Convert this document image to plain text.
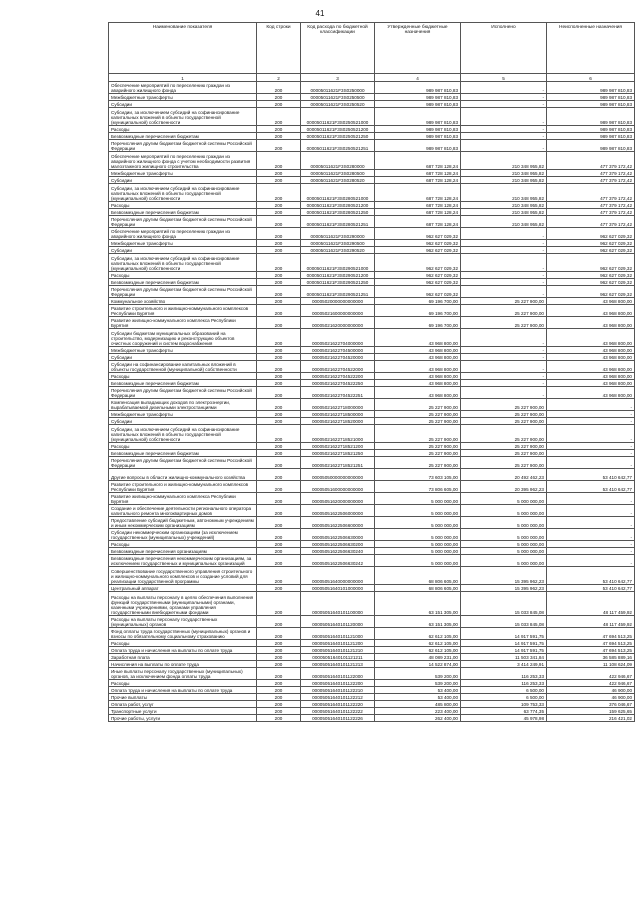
41
Наименование показателя	Код строки	Код расхода по бюджетной классификации	Утвержденные бюджетные назначения	Исполнено	Неисполненные назначения
1	2	3	4	5	6
Обеспечение мероприятий по переселению граждан из аварийного жилищного фонда	200	00005011621F3S0250000	989 987 810,83	-	989 987 810,83
Межбюджетные трансферты	200	00005011621F3S0250500	989 987 810,83	-	989 987 810,83
Субсидии	200	00005011621F3S0250520	989 987 810,83	-	989 987 810,83
Субсидии, за исключением субсидий на софинансирование капитальных вложений в объекты государственной (муниципальной) собственности	200	00005011621F3S0250521000	989 987 810,83	-	989 987 810,83
Расходы	200	00005011621F3S0250521200	989 987 810,83	-	989 987 810,83
Безвозмездные перечисления бюджетам	200	00005011621F3S0250521250	989 987 810,83	-	989 987 810,83
Перечисления другим бюджетам бюджетной системы Российской Федерации	200	00005011621F3S0250521251	989 987 810,83	-	989 987 810,83
Обеспечение мероприятий по переселению граждан из аварийного жилищного фонда с учетом необходимости развития малоэтажного жилищного строительства	200	00005011621F3S0280000	687 728 128,24	210 348 955,82	477 379 172,42
Межбюджетные трансферты	200	00005011621F3S0280500	687 728 128,24	210 348 955,82	477 379 172,42
Субсидии	200	00005011621F3S0280520	687 728 128,24	210 348 955,82	477 379 172,42
Субсидии, за исключением субсидий на софинансирование капитальных вложений в объекты государственной (муниципальной) собственности	200	00005011621F3S0280521000	687 728 128,24	210 348 955,82	477 379 172,42
Расходы	200	00005011621F3S0280521200	687 728 128,24	210 348 955,82	477 379 172,42
Безвозмездные перечисления бюджетам	200	00005011621F3S0280521250	687 728 128,24	210 348 955,82	477 379 172,42
Перечисления другим бюджетам бюджетной системы Российской Федерации	200	00005011621F3S0280521251	687 728 128,24	210 348 955,82	477 379 172,42
Обеспечение мероприятий по переселению граждан из аварийного жилищного фонда	200	00005011621F3S0290000	962 627 029,32	-	962 627 029,32
Межбюджетные трансферты	200	00005011621F3S0290500	962 627 029,32	-	962 627 029,32
Субсидии	200	00005011621F3S0290520	962 627 029,32	-	962 627 029,32
Субсидии, за исключением субсидий на софинансирование капитальных вложений в объекты государственной (муниципальной) собственности	200	00005011621F3S0290521000	962 627 029,32	-	962 627 029,32
Расходы	200	00005011621F3S0290521200	962 627 029,32	-	962 627 029,32
Безвозмездные перечисления бюджетам	200	00005011621F3S0290521250	962 627 029,32	-	962 627 029,32
Перечисления другим бюджетам бюджетной системы Российской Федерации	200	00005011621F3S0290521251	962 627 029,32	-	962 627 029,32
Коммунальное хозяйство	200	00005020000000000000	69 196 700,00	25 227 900,00	43 968 800,00
Развитие строительного и жилищно-коммунального комплексов Республики Бурятия	200	00005021600000000000	69 196 700,00	25 227 900,00	43 968 800,00
Развитие жилищно-коммунального комплекса Республики Бурятия	200	00005021620000000000	69 196 700,00	25 227 900,00	43 968 800,00
Субсидии бюджетам муниципальных образований на строительство, модернизацию и реконструкцию объектов очистных сооружений и систем водоснабжения	200	00005021622704000000	43 968 800,00	-	43 968 800,00
Межбюджетные трансферты	200	00005021622704500000	43 968 800,00	-	43 968 800,00
Субсидии	200	00005021622704520000	43 968 800,00	-	43 968 800,00
Субсидии на софинансирование капитальных вложений в объекты государственной (муниципальной) собственности	200	00005021622704522000	43 968 800,00	-	43 968 800,00
Расходы	200	00005021622704522200	43 968 800,00	-	43 968 800,00
Безвозмездные перечисления бюджетам	200	00005021622704522250	43 968 800,00	-	43 968 800,00
Перечисления другим бюджетам бюджетной системы Российской Федерации	200	00005021622704522251	43 968 800,00	-	43 968 800,00
Компенсация выпадающих доходов по электроэнергии, вырабатываемой дизельными электростанциями	200	00005021622718000000	25 227 900,00	25 227 900,00	-
Межбюджетные трансферты	200	00005021622718500000	25 227 900,00	25 227 900,00	-
Субсидии	200	00005021622718520000	25 227 900,00	25 227 900,00	-
Субсидии, за исключением субсидий на софинансирование капитальных вложений в объекты государственной (муниципальной) собственности	200	00005021622718521000	25 227 900,00	25 227 900,00	-
Расходы	200	00005021622718521200	25 227 900,00	25 227 900,00	-
Безвозмездные перечисления бюджетам	200	00005021622718521250	25 227 900,00	25 227 900,00	-
Перечисления другим бюджетам бюджетной системы Российской Федерации	200	00005021622718521251	25 227 900,00	25 227 900,00	-
Другие вопросы в области жилищно-коммунального хозяйства	200	00005050000000000000	73 603 105,00	20 492 462,23	53 410 642,77
Развитие строительного и жилищно-коммунального комплексов Республики Бурятия	200	00005051600000000000	73 806 605,00	20 395 962,23	53 410 642,77
Развитие жилищно-коммунального комплекса Республики Бурятия	200	00005051620000000000	5 000 000,00	5 000 000,00	-
Создание и обеспечение деятельности регионального оператора капитального ремонта многоквартирных домов	200	00005051622506000000	5 000 000,00	5 000 000,00	-
Предоставление субсидий бюджетным, автономным учреждениям и иным некоммерческим организациям	200	00005051622506600000	5 000 000,00	5 000 000,00	-
Субсидии некоммерческим организациям (за исключением государственных (муниципальных) учреждений)	200	00005051622506630000	5 000 000,00	5 000 000,00	-
Расходы	200	00005051622506630200	5 000 000,00	5 000 000,00	-
Безвозмездные перечисления организациям	200	00005051622506630240	5 000 000,00	5 000 000,00	-
Безвозмездные перечисления некоммерческим организациям, за исключением государственных и муниципальных организаций	200	00005051622506630242	5 000 000,00	5 000 000,00	-
Совершенствование государственного управления строительного и жилищно-коммунального комплексов и создание условий для реализации государственной программы	200	00005051640000000000	68 806 605,00	15 395 962,23	53 410 642,77
Центральный аппарат	200	00005051640101000000	68 806 605,00	15 395 962,23	53 410 642,77
Расходы на выплаты персоналу в целях обеспечения выполнения функций государственными (муниципальными) органами, казенными учреждениями, органами управления государственными внебюджетными фондами	200	00005051640101100000	63 151 305,00	15 033 845,08	48 117 459,92
Расходы на выплаты персоналу государственных (муниципальных) органов	200	00005051640101120000	63 151 305,00	15 033 845,08	48 117 459,92
Фонд оплаты труда государственных (муниципальных) органов и взносы по обязательному социальному страхованию	200	00005051640101121000	62 612 105,00	14 917 591,75	47 694 513,25
Расходы	200	00005051640101121200	62 612 105,00	14 917 591,75	47 694 513,25
Оплата труда и начисления на выплаты по оплате труда	200	00005051640101121210	62 612 105,00	14 917 591,75	47 694 513,25
Заработная плата	200	00005051640101121211	48 089 231,00	11 503 341,84	36 585 889,16
Начисления на выплаты по оплате труда	200	00005051640101121213	14 522 874,00	3 414 249,91	11 108 624,09
Иные выплаты персоналу государственных (муниципальных) органов, за исключением фонда оплаты труда	200	00005051640101122000	539 200,00	116 253,33	422 946,67
Расходы	200	00005051640101122200	539 200,00	116 253,33	422 946,67
Оплата труда и начисления на выплаты по оплате труда	200	00005051640101122210	53 400,00	6 500,00	46 900,00
Прочие выплаты	200	00005051640101122212	53 400,00	6 500,00	46 900,00
Оплата работ, услуг	200	00005051640101122220	485 800,00	109 753,33	376 046,67
Транспортные услуги	200	00005051640101122222	223 400,00	63 774,35	159 625,65
Прочие работы, услуги	200	00005051640101122226	262 400,00	45 978,98	216 421,02
